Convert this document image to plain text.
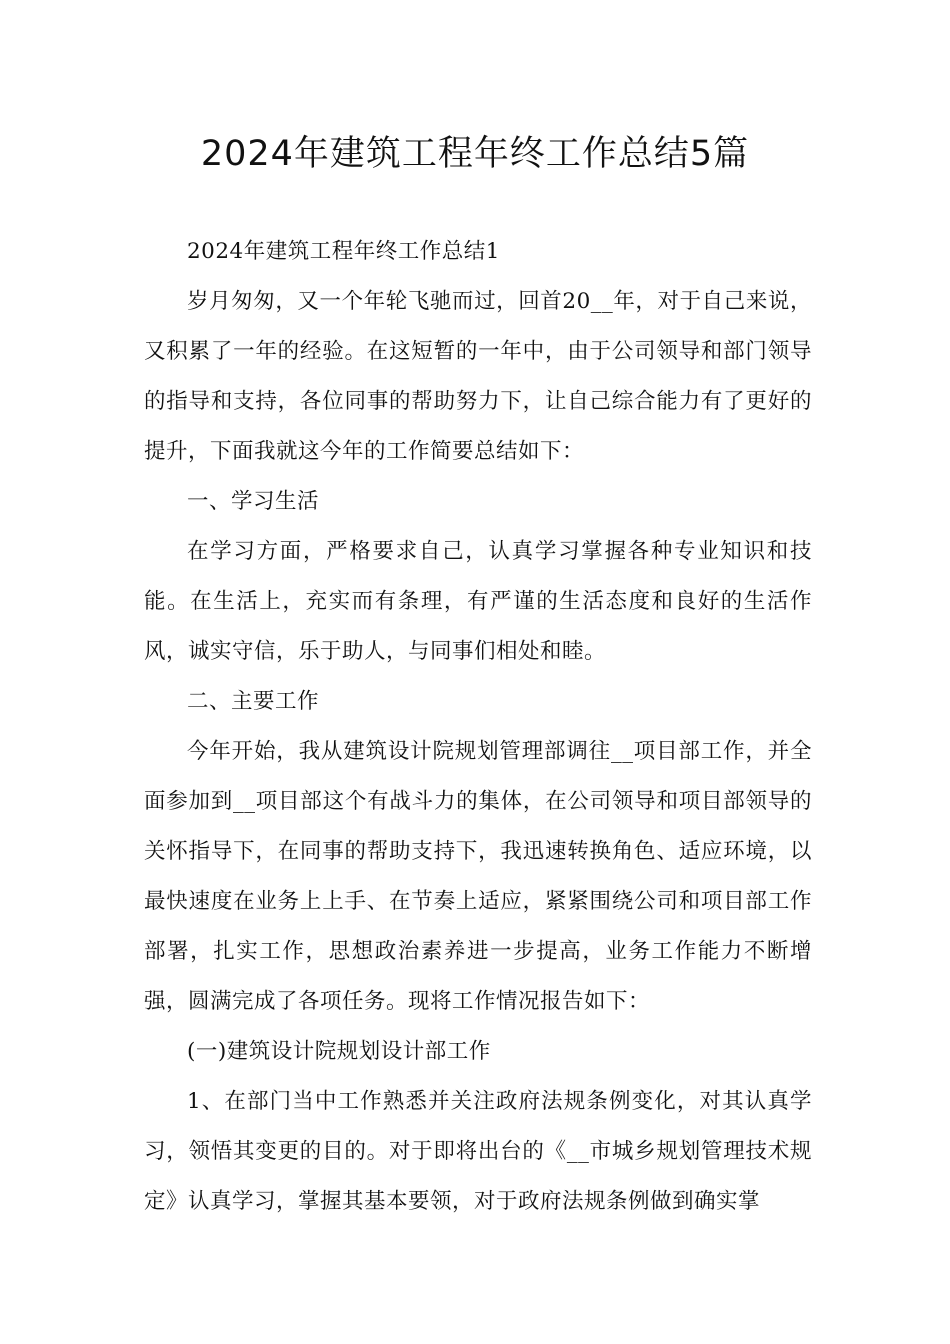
2024年建筑工程年终工作总结5篇

2024年建筑工程年终工作总结1

岁月匆匆，又一个年轮飞驰而过，回首20__年，对于自己来说，又积累了一年的经验。在这短暂的一年中，由于公司领导和部门领导的指导和支持，各位同事的帮助努力下，让自己综合能力有了更好的提升，下面我就这今年的工作简要总结如下：

一、学习生活

在学习方面，严格要求自己，认真学习掌握各种专业知识和技能。在生活上，充实而有条理，有严谨的生活态度和良好的生活作风，诚实守信，乐于助人，与同事们相处和睦。

二、主要工作

今年开始，我从建筑设计院规划管理部调往__项目部工作，并全面参加到__项目部这个有战斗力的集体，在公司领导和项目部领导的关怀指导下，在同事的帮助支持下，我迅速转换角色、适应环境，以最快速度在业务上上手、在节奏上适应，紧紧围绕公司和项目部工作部署，扎实工作，思想政治素养进一步提高，业务工作能力不断增强，圆满完成了各项任务。现将工作情况报告如下：

(一)建筑设计院规划设计部工作

1、在部门当中工作熟悉并关注政府法规条例变化，对其认真学习，领悟其变更的目的。对于即将出台的《__市城乡规划管理技术规定》认真学习，掌握其基本要领，对于政府法规条例做到确实掌
